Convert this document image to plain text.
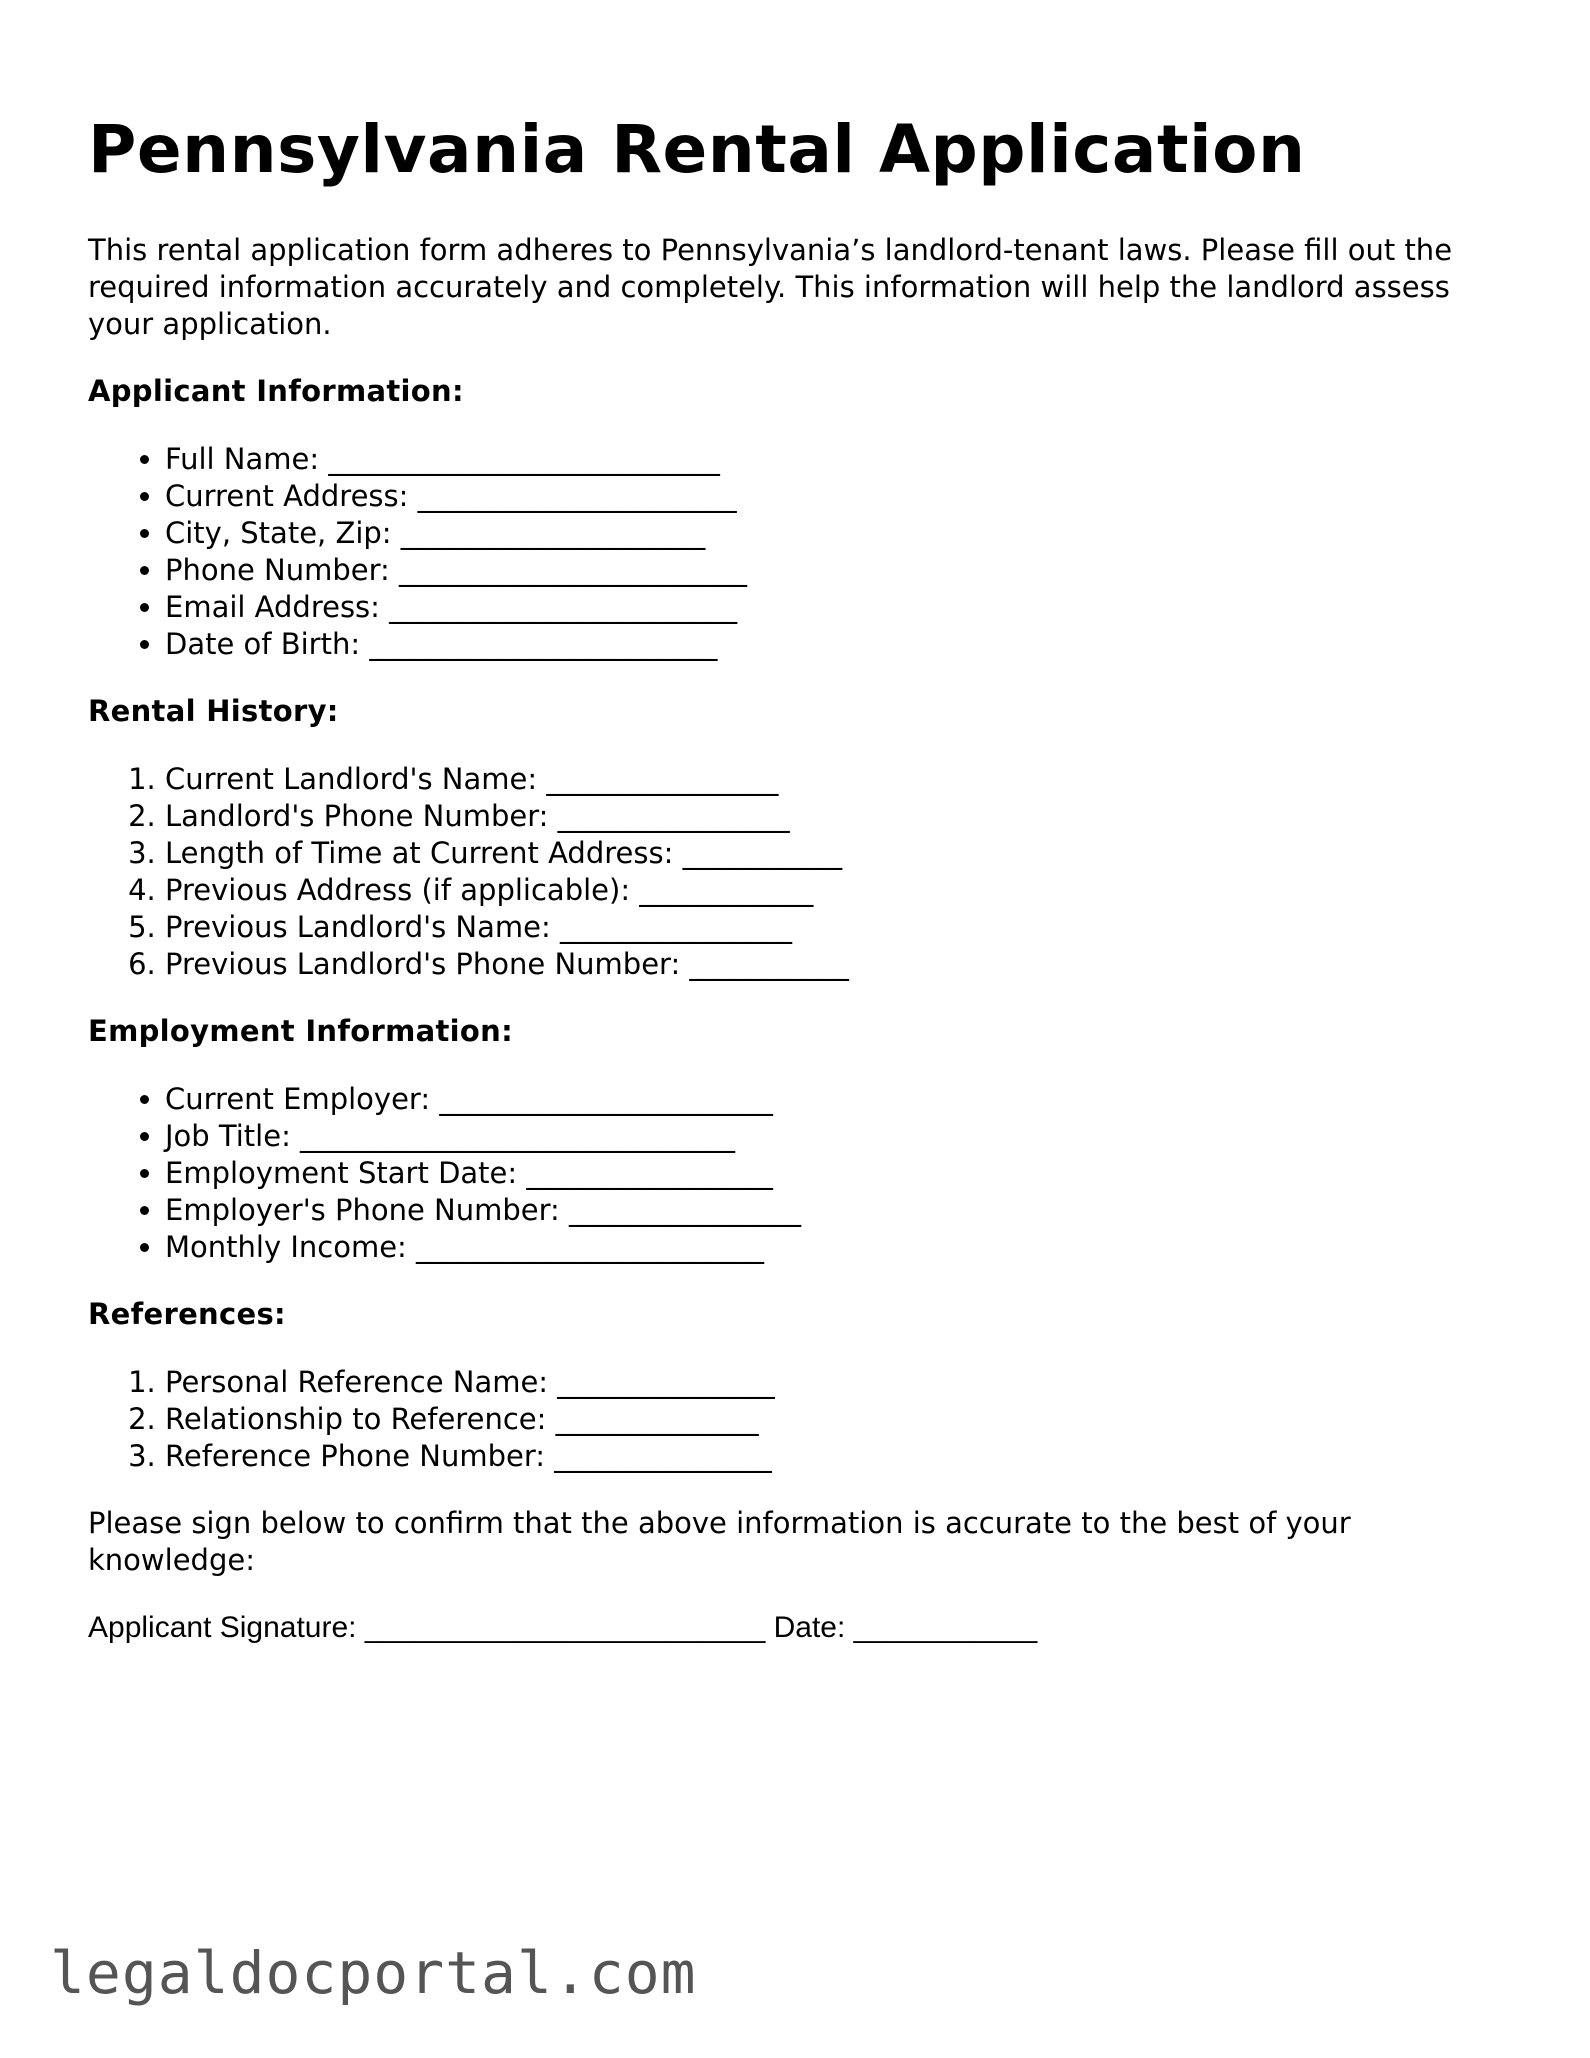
Pennsylvania Rental Application

This rental application form adheres to Pennsylvania’s landlord-tenant laws. Please fill out the required information accurately and completely. This information will help the landlord assess your application.

Applicant Information:
• Full Name: ___________________________
• Current Address: ______________________
• City, State, Zip: _____________________
• Phone Number: ________________________
• Email Address: ________________________
• Date of Birth: ________________________
Rental History:
1. Current Landlord's Name: ________________
2. Landlord's Phone Number: ________________
3. Length of Time at Current Address: ___________
4. Previous Address (if applicable): ____________
5. Previous Landlord's Name: ________________
6. Previous Landlord's Phone Number: ___________
Employment Information:
• Current Employer: _______________________
• Job Title: ______________________________
• Employment Start Date: _________________
• Employer's Phone Number: ________________
• Monthly Income: ________________________
References:
1. Personal Reference Name: _______________
2. Relationship to Reference: ______________
3. Reference Phone Number: _______________

Please sign below to confirm that the above information is accurate to the best of your knowledge:

Applicant Signature: ________________________ Date: ___________

legaldocportal.com
